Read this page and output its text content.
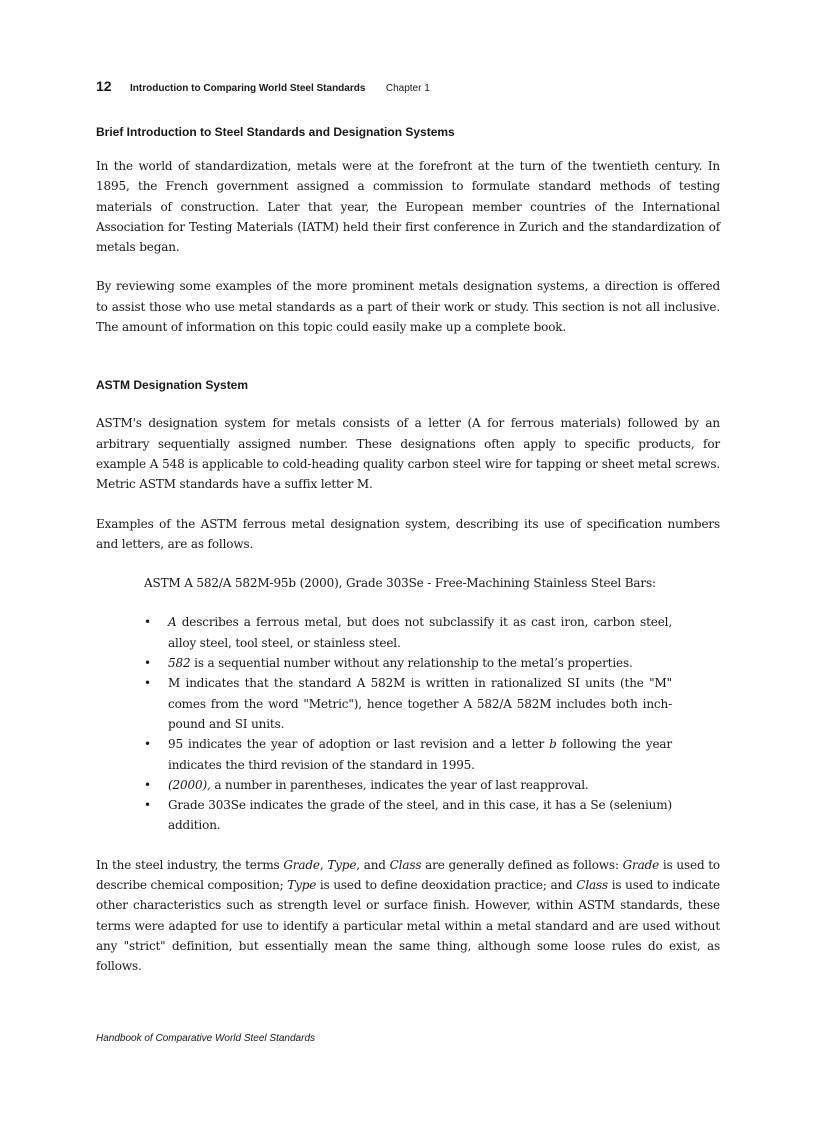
12 Introduction to Comparing World Steel Standards Chapter 1
Brief Introduction to Steel Standards and Designation Systems

In the world of standardization, metals were at the forefront at the turn of the twentieth century. In 1895, the French government assigned a commission to formulate standard methods of testing materials of construction. Later that year, the European member countries of the International Association for Testing Materials (IATM) held their first conference in Zurich and the standardization of metals began.

By reviewing some examples of the more prominent metals designation systems, a direction is offered to assist those who use metal standards as a part of their work or study. This section is not all inclusive. The amount of information on this topic could easily make up a complete book.

ASTM Designation System

ASTM's designation system for metals consists of a letter (A for ferrous materials) followed by an arbitrary sequentially assigned number. These designations often apply to specific products, for example A 548 is applicable to cold-heading quality carbon steel wire for tapping or sheet metal screws. Metric ASTM standards have a suffix letter M.

Examples of the ASTM ferrous metal designation system, describing its use of specification numbers and letters, are as follows.

ASTM A 582/A 582M-95b (2000), Grade 303Se - Free-Machining Stainless Steel Bars:

• A describes a ferrous metal, but does not subclassify it as cast iron, carbon steel, alloy steel, tool steel, or stainless steel.
• 582 is a sequential number without any relationship to the metal’s properties.
• M indicates that the standard A 582M is written in rationalized SI units (the "M" comes from the word "Metric"), hence together A 582/A 582M includes both inch-pound and SI units.
• 95 indicates the year of adoption or last revision and a letter b following the year indicates the third revision of the standard in 1995.
• (2000), a number in parentheses, indicates the year of last reapproval.
• Grade 303Se indicates the grade of the steel, and in this case, it has a Se (selenium) addition.

In the steel industry, the terms Grade, Type, and Class are generally defined as follows: Grade is used to describe chemical composition; Type is used to define deoxidation practice; and Class is used to indicate other characteristics such as strength level or surface finish. However, within ASTM standards, these terms were adapted for use to identify a particular metal within a metal standard and are used without any "strict" definition, but essentially mean the same thing, although some loose rules do exist, as follows.

Handbook of Comparative World Steel Standards
